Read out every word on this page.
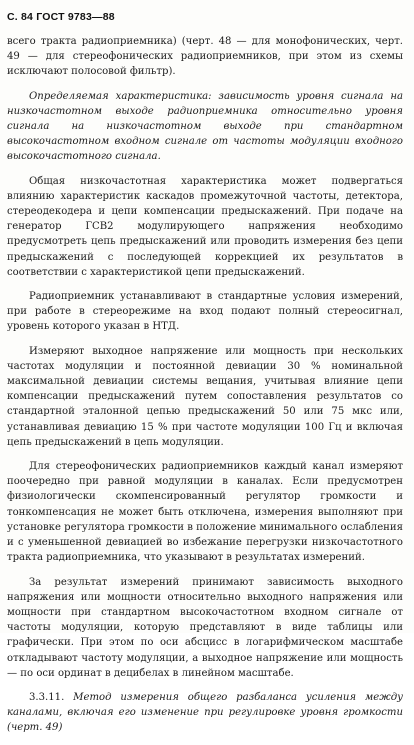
С. 84 ГОСТ 9783—88

всего тракта радиоприемника) (черт. 48 — для монофонических, черт. 49 — для стереофонических радиоприемников, при этом из схемы исключают полосовой фильтр).

Определяемая характеристика: зависимость уровня сигнала на низкочастотном выходе радиоприемника относительно уровня сигнала на низкочастотном выходе при стандартном высокочастотном входном сигнале от частоты модуляции входного высокочастотного сигнала.

Общая низкочастотная характеристика может подвергаться влиянию характеристик каскадов промежуточной частоты, детектора, стереодекодера и цепи компенсации предыскажений. При подаче на генератор ГСВ2 модулирующего напряжения необходимо предусмотреть цепь предыскажений или проводить измерения без цепи предыскажений с последующей коррекцией их результатов в соответствии с характеристикой цепи предыскажений.

Радиоприемник устанавливают в стандартные условия измерений, при работе в стереорежиме на вход подают полный стереосигнал, уровень которого указан в НТД.

Измеряют выходное напряжение или мощность при нескольких частотах модуляции и постоянной девиации 30 % номинальной максимальной девиации системы вещания, учитывая влияние цепи компенсации предыскажений путем сопоставления результатов со стандартной эталонной цепью предыскажений 50 или 75 мкс или, устанавливая девиацию 15 % при частоте модуляции 100 Гц и включая цепь предыскажений в цепь модуляции.

Для стереофонических радиоприемников каждый канал измеряют поочередно при равной модуляции в каналах. Если предусмотрен физиологически скомпенсированный регулятор громкости и тонкомпенсация не может быть отключена, измерения выполняют при установке регулятора громкости в положение минимального ослабления и с уменьшенной девиацией во избежание перегрузки низкочастотного тракта радиоприемника, что указывают в результатах измерений.

За результат измерений принимают зависимость выходного напряжения или мощности относительно выходного напряжения или мощности при стандартном высокочастотном входном сигнале от частоты модуляции, которую представляют в виде таблицы или графически. При этом по оси абсцисс в логарифмическом масштабе откладывают частоту модуляции, а выходное напряжение или мощность — по оси ординат в децибелах в линейном масштабе.

3.3.11. Метод измерения общего разбаланса усиления между каналами, включая его изменение при регулировке уровня громкости (черт. 49)
